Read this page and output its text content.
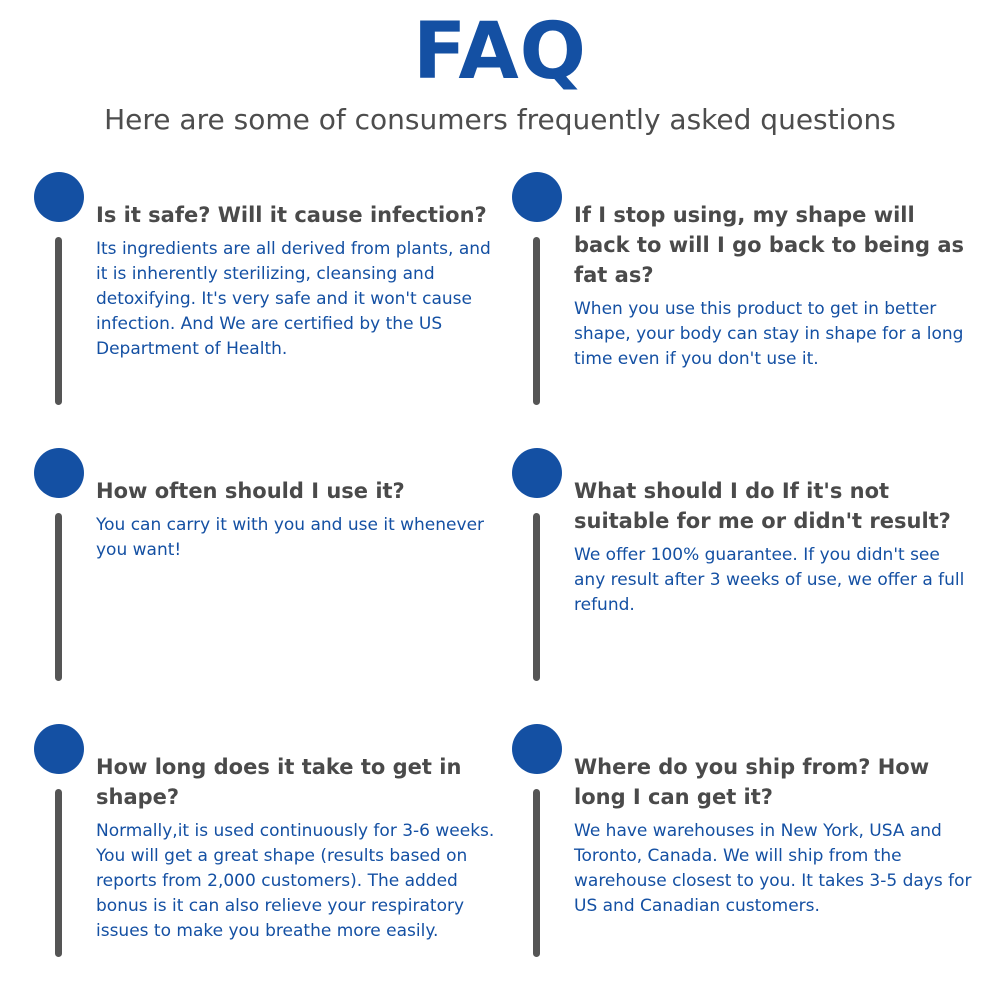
FAQ
Here are some of consumers frequently asked questions

Is it safe? Will it cause infection?

Its ingredients are all derived from plants, and it is inherently sterilizing, cleansing and detoxifying. It's very safe and it won't cause infection. And We are certified by the US Department of Health.

How often should I use it?

You can carry it with you and use it whenever you want!

How long does it take to get in shape?

Normally,it is used continuously for 3-6 weeks. You will get a great shape (results based on reports from 2,000 customers). The added bonus is it can also relieve your respiratory issues to make you breathe more easily.

If I stop using, my shape will back to will I go back to being as fat as?

When you use this product to get in better shape, your body can stay in shape for a long time even if you don't use it.

What should I do If it's not suitable for me or didn't result?

We offer 100% guarantee. If you didn't see any result after 3 weeks of use, we offer a full refund.

Where do you ship from? How long I can get it?

We have warehouses in New York, USA and Toronto, Canada. We will ship from the warehouse closest to you. It takes 3-5 days for US and Canadian customers.
